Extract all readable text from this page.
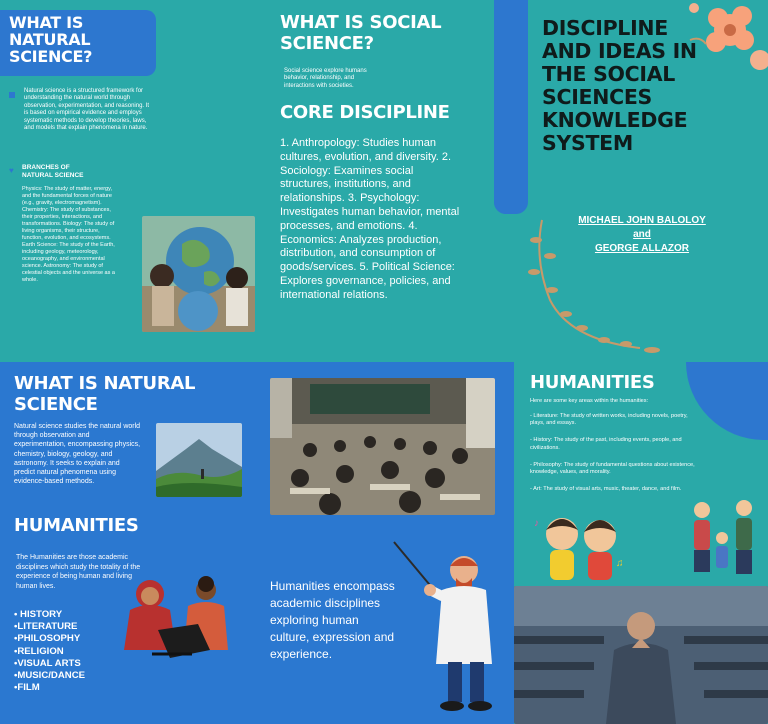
WHAT IS NATURAL SCIENCE?
Natural science is a structured framework for understanding the natural world through observation, experimentation, and reasoning. It is based on empirical evidence and employs systematic methods to develop theories, laws, and models that explain phenomena in nature.
♥ BRANCHES OF NATURAL SCIENCE
Physics: The study of matter, energy, and the fundamental forces of nature (e.g., gravity, electromagnetism). Chemistry: The study of substances, their properties, interactions, and transformations. Biology: The study of living organisms, their structure, function, evolution, and ecosystems. Earth Science: The study of the Earth, including geology, meteorology, oceanography, and environmental science. Astronomy: The study of celestial objects and the universe as a whole.
WHAT IS SOCIAL SCIENCE?
Social science explore humans behavior, relationship, and interactions with societies.
CORE DISCIPLINE
1. Anthropology: Studies human cultures, evolution, and diversity. 2. Sociology: Examines social structures, institutions, and relationships. 3. Psychology: Investigates human behavior, mental processes, and emotions. 4. Economics: Analyzes production, distribution, and consumption of goods/services. 5. Political Science: Explores governance, policies, and international relations.
DISCIPLINE AND IDEAS IN THE SOCIAL SCIENCES KNOWLEDGE SYSTEM
MICHAEL JOHN BALOLOY
and
GEORGE ALLAZOR
WHAT IS NATURAL SCIENCE
Natural science studies the natural world through observation and experimentation, encompassing physics, chemistry, biology, geology, and astronomy. It seeks to explain and predict natural phenomena using evidence-based methods.
HUMANITIES
The Humanities are those academic disciplines which study the totality of the experience of being human and living human lives.
• HISTORY
•LITERATURE
•PHILOSOPHY
•RELIGION
•VISUAL ARTS
•MUSIC/DANCE
•FILM
Humanities encompass academic disciplines exploring human culture, expression and experience.
HUMANITIES
Here are some key areas within the humanities:
- Literature: The study of written works, including novels, poetry, plays, and essays.
- History: The study of the past, including events, people, and civilizations.
- Philosophy: The study of fundamental questions about existence, knowledge, values, and morality.
- Art: The study of visual arts, music, theater, dance, and film.
♪
♫
